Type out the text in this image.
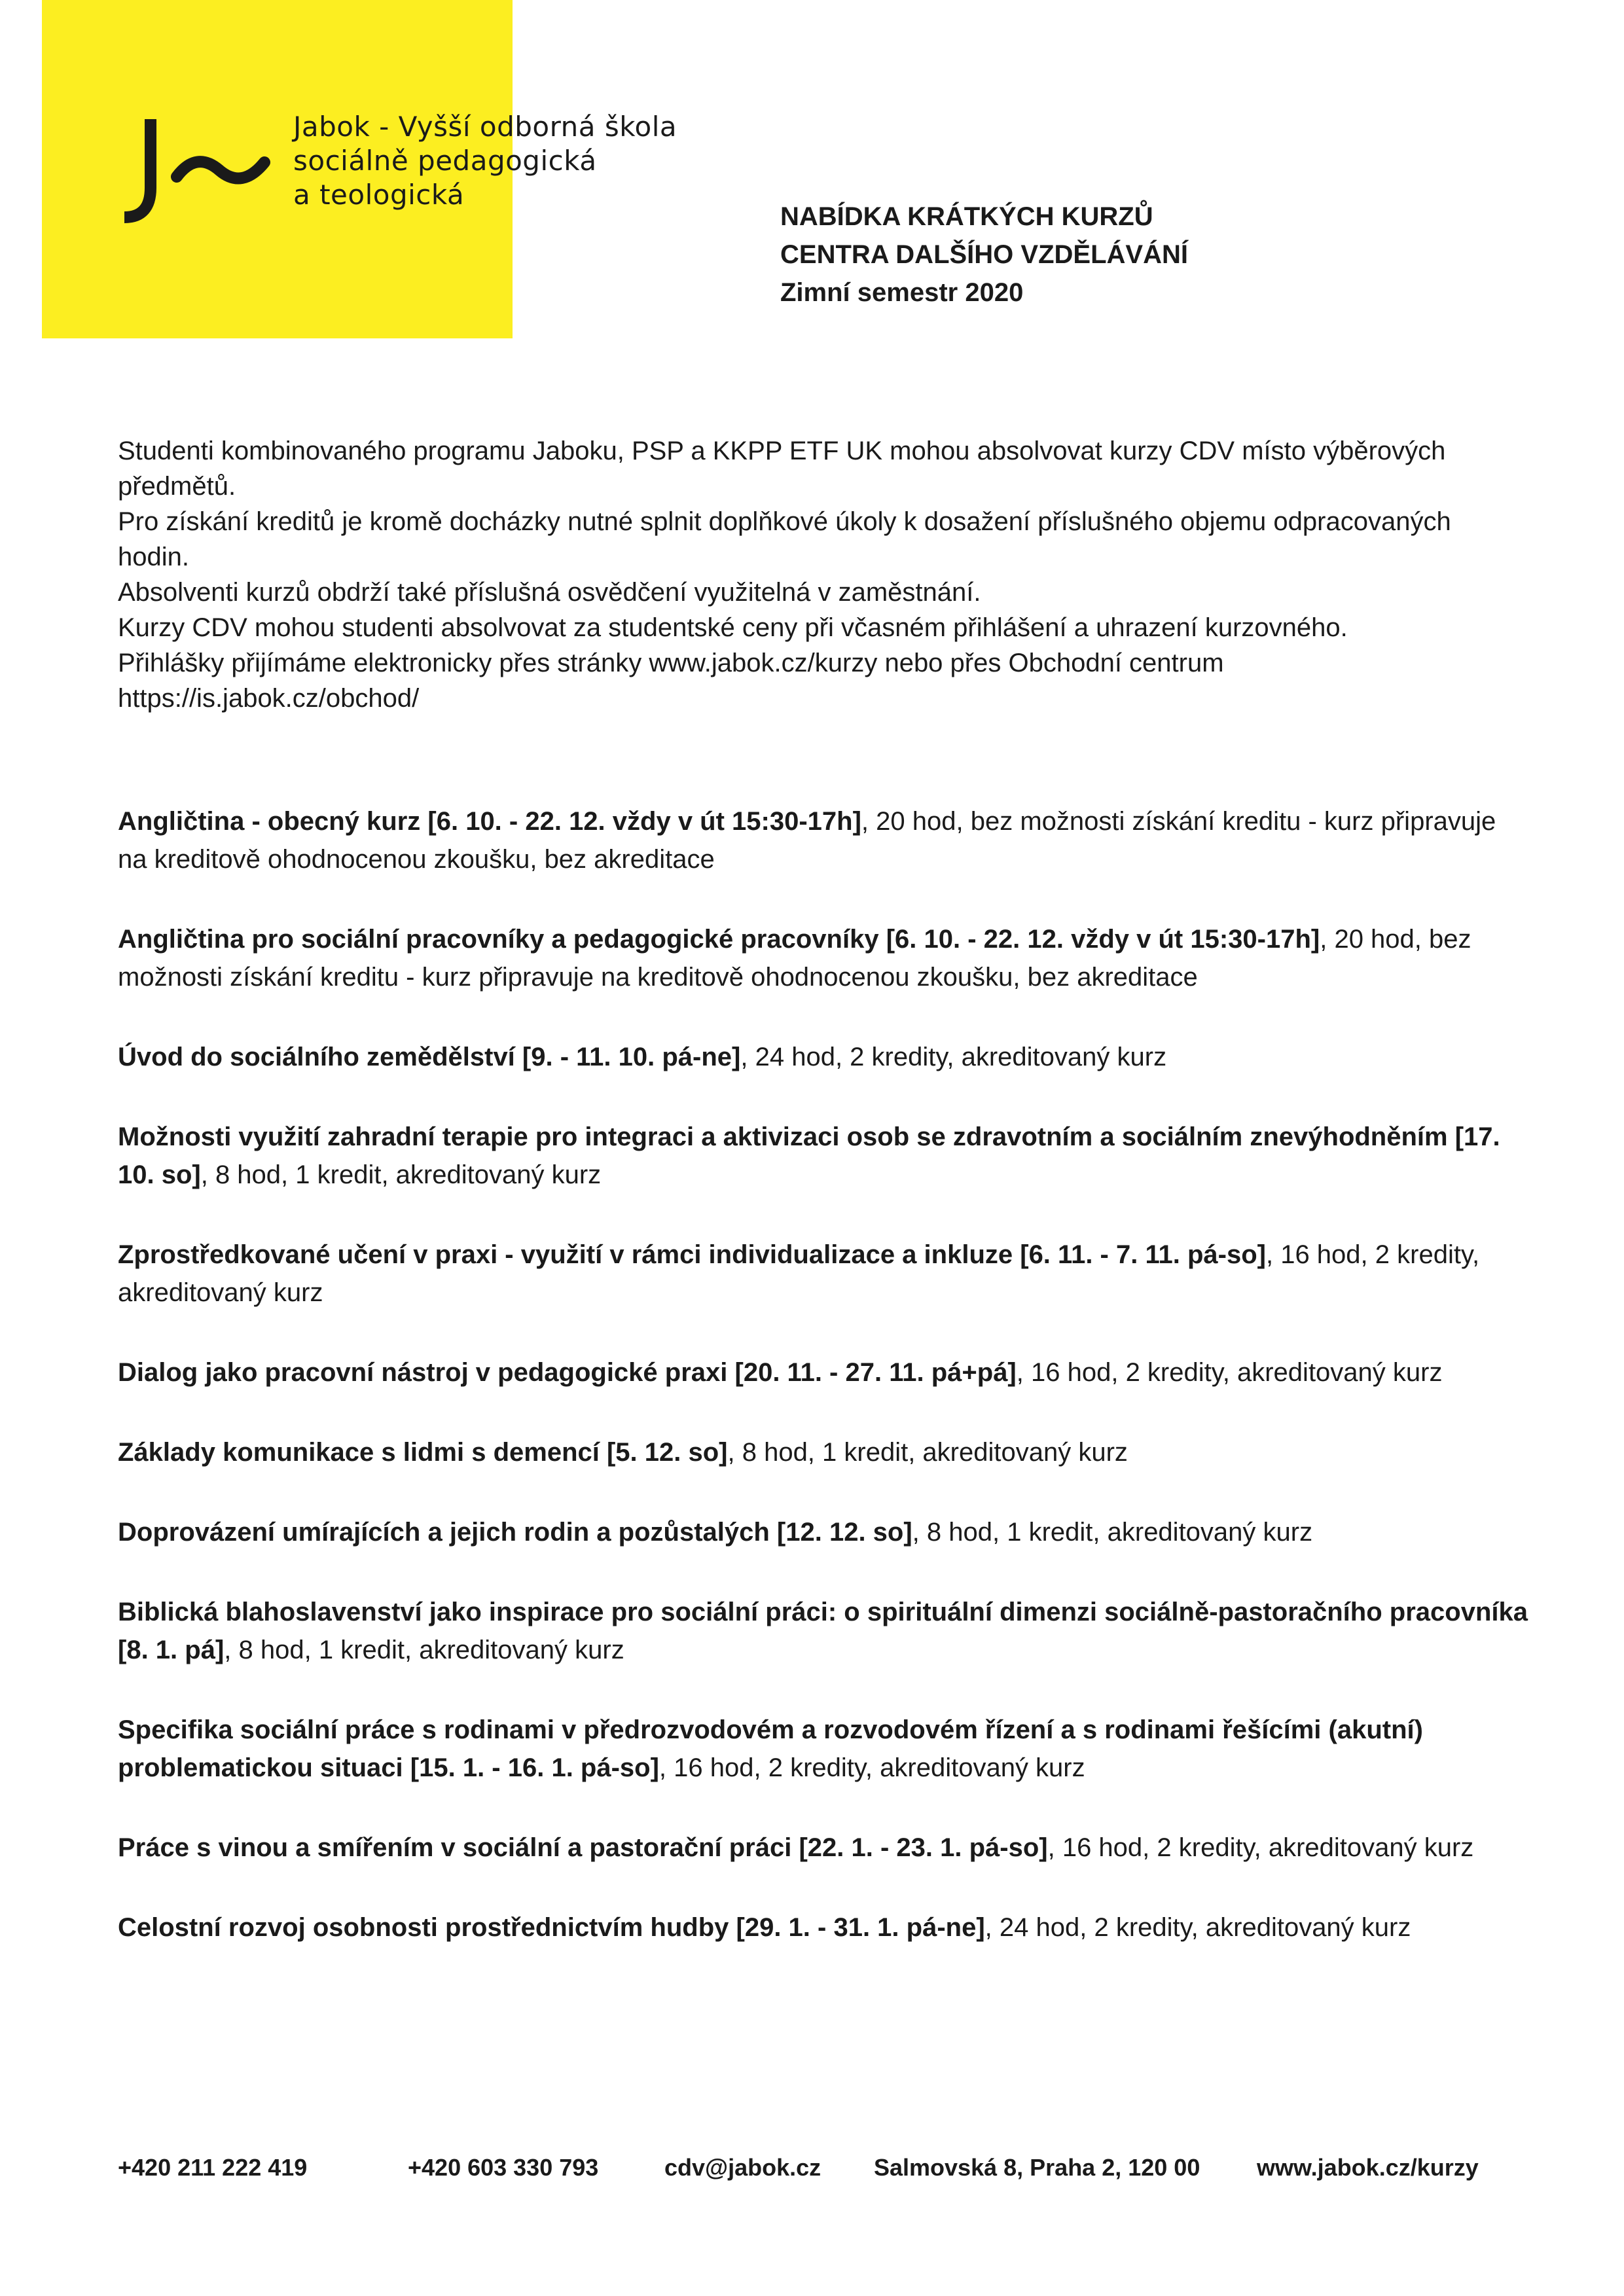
Jabok - Vyšší odborná škola
sociálně pedagogická
a teologická
NABÍDKA KRÁTKÝCH KURZŮ
CENTRA DALŠÍHO VZDĚLÁVÁNÍ
Zimní semestr 2020

Studenti kombinovaného programu Jaboku, PSP a KKPP ETF UK mohou absolvovat kurzy CDV místo výběrových předmětů.

Pro získání kreditů je kromě docházky nutné splnit doplňkové úkoly k dosažení příslušného objemu odpracovaných hodin.

Absolventi kurzů obdrží také příslušná osvědčení využitelná v zaměstnání.

Kurzy CDV mohou studenti absolvovat za studentské ceny při včasném přihlášení a uhrazení kurzovného.

Přihlášky přijímáme elektronicky přes stránky www.jabok.cz/kurzy nebo přes Obchodní centrum https://is.jabok.cz/obchod/

Angličtina - obecný kurz [6. 10. - 22. 12. vždy v út 15:30-17h], 20 hod, bez možnosti získání kreditu - kurz připravuje na kreditově ohodnocenou zkoušku, bez akreditace

Angličtina pro sociální pracovníky a pedagogické pracovníky [6. 10. - 22. 12. vždy v út 15:30-17h], 20 hod, bez možnosti získání kreditu - kurz připravuje na kreditově ohodnocenou zkoušku, bez akreditace

Úvod do sociálního zemědělství [9. - 11. 10. pá-ne], 24 hod, 2 kredity, akreditovaný kurz

Možnosti využití zahradní terapie pro integraci a aktivizaci osob se zdravotním a sociálním znevýhodněním [17. 10. so], 8 hod, 1 kredit, akreditovaný kurz

Zprostředkované učení v praxi - využití v rámci individualizace a inkluze [6. 11. - 7. 11. pá-so], 16 hod, 2 kredity, akreditovaný kurz

Dialog jako pracovní nástroj v pedagogické praxi [20. 11. - 27. 11. pá+pá], 16 hod, 2 kredity, akreditovaný kurz

Základy komunikace s lidmi s demencí [5. 12. so], 8 hod, 1 kredit, akreditovaný kurz

Doprovázení umírajících a jejich rodin a pozůstalých [12. 12. so], 8 hod, 1 kredit, akreditovaný kurz

Biblická blahoslavenství jako inspirace pro sociální práci: o spirituální dimenzi sociálně-pastoračního pracovníka [8. 1. pá], 8 hod, 1 kredit, akreditovaný kurz

Specifika sociální práce s rodinami v předrozvodovém a rozvodovém řízení a s rodinami řešícími (akutní) problematickou situaci [15. 1. - 16. 1. pá-so], 16 hod, 2 kredity, akreditovaný kurz

Práce s vinou a smířením v sociální a pastorační práci [22. 1. - 23. 1. pá-so], 16 hod, 2 kredity, akreditovaný kurz

Celostní rozvoj osobnosti prostřednictvím hudby [29. 1. - 31. 1. pá-ne], 24 hod, 2 kredity, akreditovaný kurz

+420 211 222 419	+420 603 330 793	cdv@jabok.cz Salmovská 8, Praha 2, 120 00 www.jabok.cz/kurzy
